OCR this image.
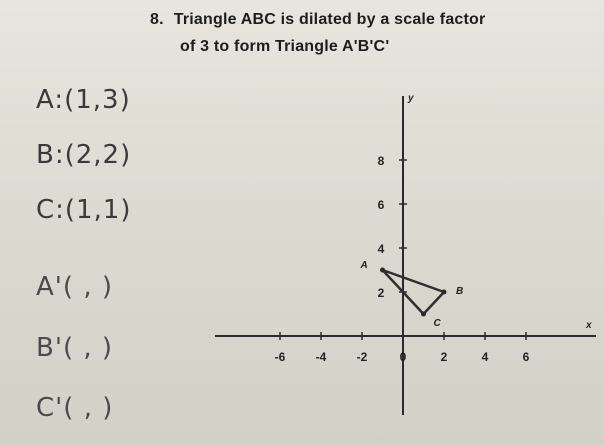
8. Triangle ABC is dilated by a scale factor
of 3 to form Triangle A'B'C'
A:(1,3)
B:(2,2)
C:(1,1)
A'( , )
B'( , )
C'( , )
x
y
-6	-4	-2	0	2	4	6
2
4
6
8
A
B
C
